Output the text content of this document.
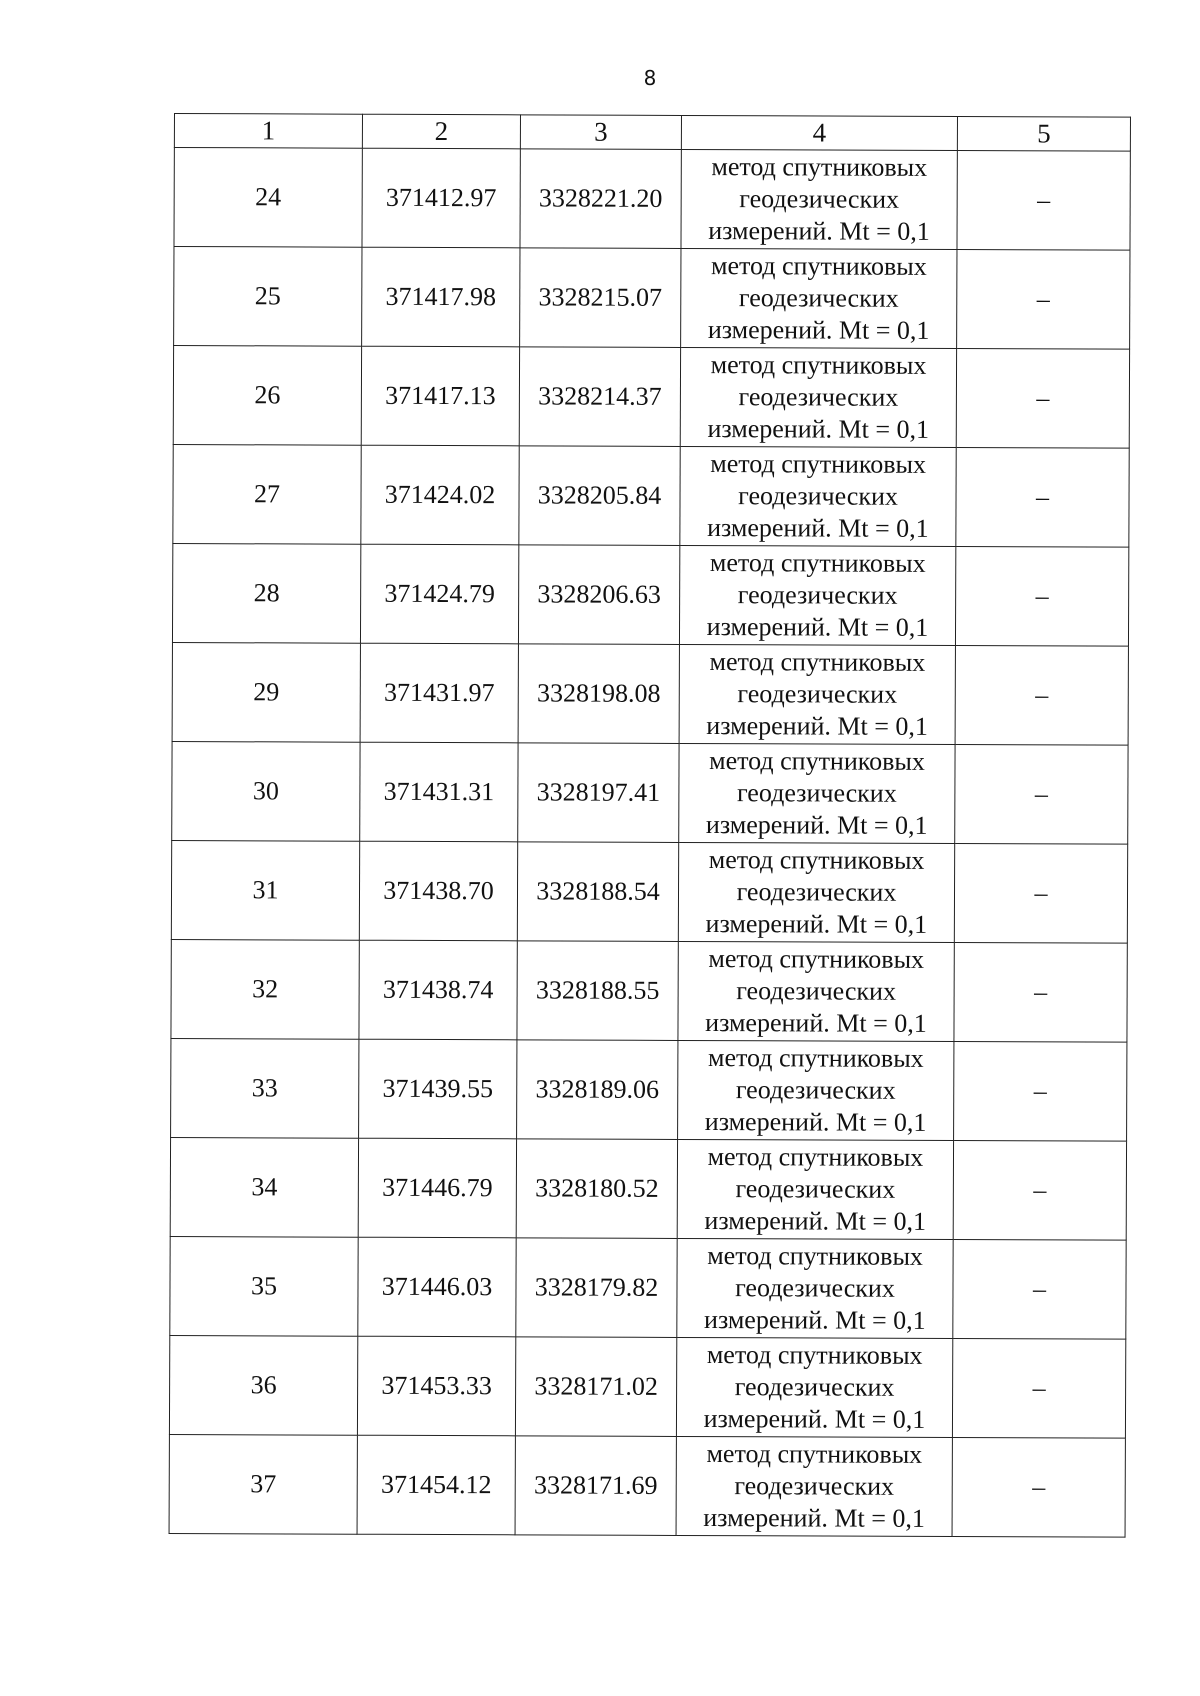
8
1	2	3	4	5
24	371412.97	3328221.20	метод спутниковых
геодезических
измерений. Mt = 0,1	–
25	371417.98	3328215.07	метод спутниковых
геодезических
измерений. Mt = 0,1	–
26	371417.13	3328214.37	метод спутниковых
геодезических
измерений. Mt = 0,1	–
27	371424.02	3328205.84	метод спутниковых
геодезических
измерений. Mt = 0,1	–
28	371424.79	3328206.63	метод спутниковых
геодезических
измерений. Mt = 0,1	–
29	371431.97	3328198.08	метод спутниковых
геодезических
измерений. Mt = 0,1	–
30	371431.31	3328197.41	метод спутниковых
геодезических
измерений. Mt = 0,1	–
31	371438.70	3328188.54	метод спутниковых
геодезических
измерений. Mt = 0,1	–
32	371438.74	3328188.55	метод спутниковых
геодезических
измерений. Mt = 0,1	–
33	371439.55	3328189.06	метод спутниковых
геодезических
измерений. Mt = 0,1	–
34	371446.79	3328180.52	метод спутниковых
геодезических
измерений. Mt = 0,1	–
35	371446.03	3328179.82	метод спутниковых
геодезических
измерений. Mt = 0,1	–
36	371453.33	3328171.02	метод спутниковых
геодезических
измерений. Mt = 0,1	–
37	371454.12	3328171.69	метод спутниковых
геодезических
измерений. Mt = 0,1	–
